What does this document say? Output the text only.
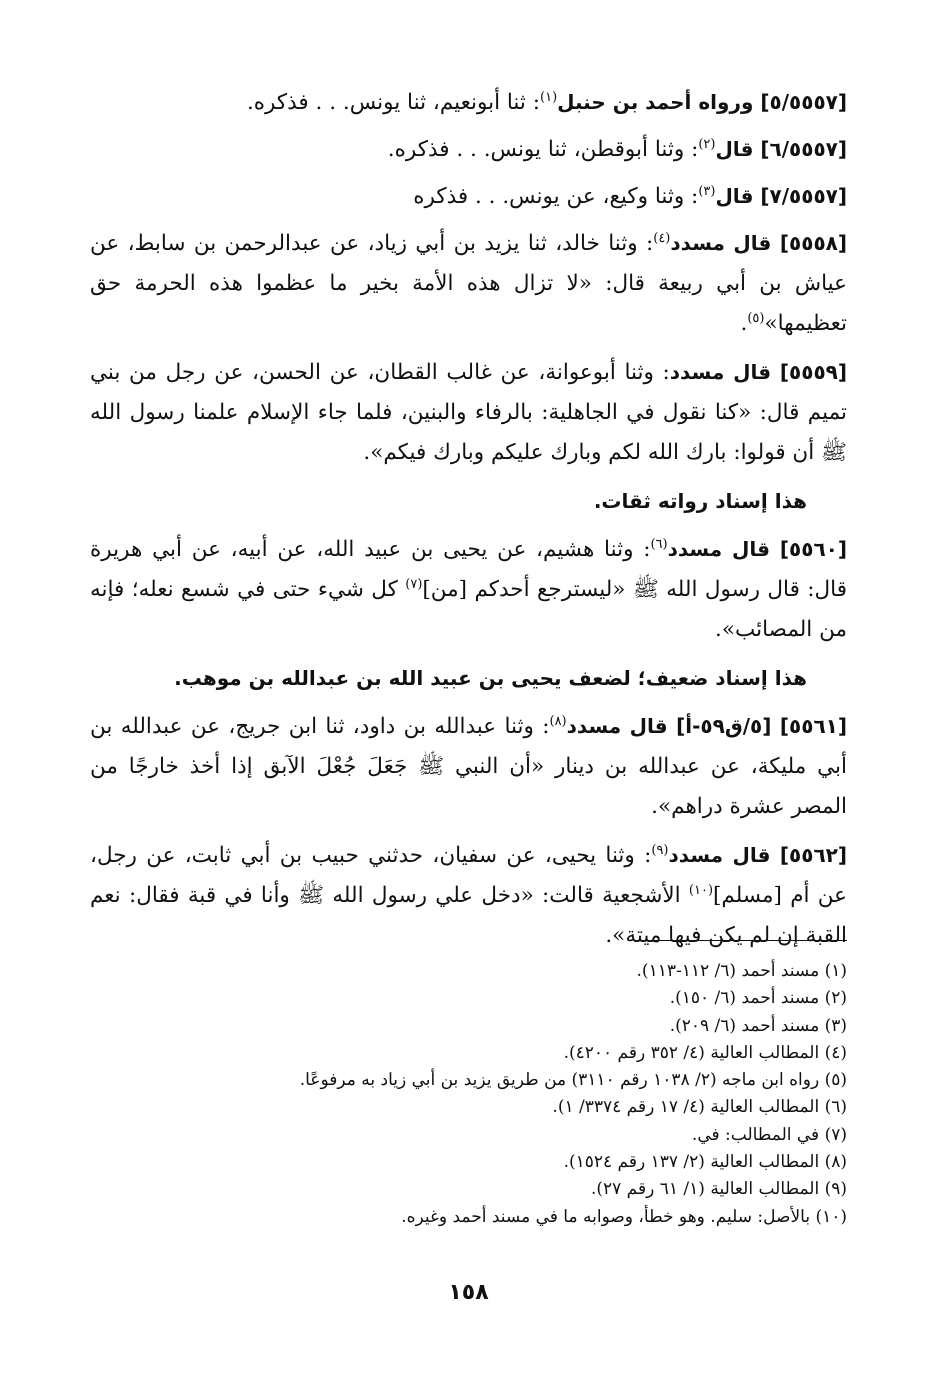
[٥/٥٥٥٧] ورواه أحمد بن حنبل$^{(١)}$: ثنا أبونعيم، ثنا يونس. . . فذكره.

[٦/٥٥٥٧] قال$^{(٢)}$: وثنا أبوقطن، ثنا يونس. . . فذكره.

[٧/٥٥٥٧] قال$^{(٣)}$: وثنا وكيع، عن يونس. . . فذكره

[٥٥٥٨] قال مسدد$^{(٤)}$: وثنا خالد، ثنا يزيد بن أبي زياد، عن عبدالرحمن بن سابط، عن عياش بن أبي ربيعة قال: «لا تزال هذه الأمة بخير ما عظموا هذه الحرمة حق تعظيمها»$^{(٥)}$.

[٥٥٥٩] قال مسدد: وثنا أبوعوانة، عن غالب القطان، عن الحسن، عن رجل من بني تميم قال: «كنا نقول في الجاهلية: بالرفاء والبنين، فلما جاء الإسلام علمنا رسول الله ﷺ أن قولوا: بارك الله لكم وبارك عليكم وبارك فيكم».

هذا إسناد رواته ثقات.

[٥٥٦٠] قال مسدد$^{(٦)}$: وثنا هشيم، عن يحيى بن عبيد الله، عن أبيه، عن أبي هريرة قال: قال رسول الله ﷺ «ليسترجع أحدكم [من]$^{(٧)}$ كل شيء حتى في شسع نعله؛ فإنه من المصائب».

هذا إسناد ضعيف؛ لضعف يحيى بن عبيد الله بن عبدالله بن موهب.

[٥٥٦١] [٥/ق٥٩-أ] قال مسدد$^{(٨)}$: وثنا عبدالله بن داود، ثنا ابن جريج، عن عبدالله بن أبي مليكة، عن عبدالله بن دينار «أن النبي ﷺ جَعَلَ جُعْلَ الآبق إذا أخذ خارجًا من المصر عشرة دراهم».

[٥٥٦٢] قال مسدد$^{(٩)}$: وثنا يحيى، عن سفيان، حدثني حبيب بن أبي ثابت، عن رجل، عن أم [مسلم]$^{(١٠)}$ الأشجعية قالت: «دخل علي رسول الله ﷺ وأنا في قبة فقال: نعم القبة إن لم يكن فيها ميتة».

(١) مسند أحمد (٦/ ١١٢-١١٣).
(٢) مسند أحمد (٦/ ١٥٠).
(٣) مسند أحمد (٦/ ٢٠٩).
(٤) المطالب العالية (٤/ ٣٥٢ رقم ٤٢٠٠).
(٥) رواه ابن ماجه (٢/ ١٠٣٨ رقم ٣١١٠) من طريق يزيد بن أبي زياد به مرفوعًا.
(٦) المطالب العالية (٤/ ١٧ رقم ٣٣٧٤/ ١).
(٧) في المطالب: في.
(٨) المطالب العالية (٢/ ١٣٧ رقم ١٥٢٤).
(٩) المطالب العالية (١/ ٦١ رقم ٢٧).
(١٠) بالأصل: سليم. وهو خطأ، وصوابه ما في مسند أحمد وغيره.
١٥٨
